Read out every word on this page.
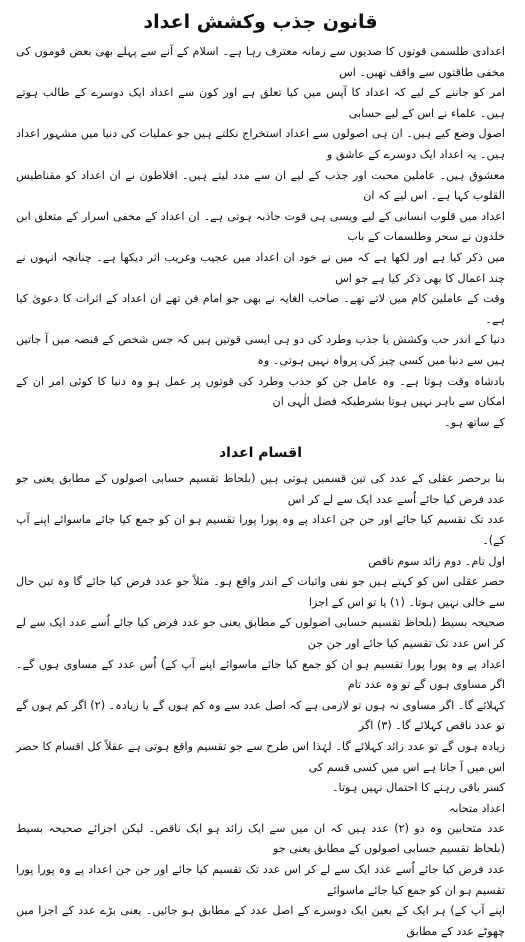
قانون جذب وکشش اعداد

اعدادی طلسمی قوتوں کا صدیوں سے زمانہ معترف رہا ہے۔ اسلام کے آنے سے پہلے بھی بعض قوموں کی مخفی طاقتوں سے واقف تھیں۔ اس
امر کو جاننے کے لیے کہ اعداد کا آپس میں کیا تعلق ہے اور کون سے اعداد ایک دوسرے کے طالب ہوتے ہیں۔ علماء نے اس کے لیے حسابی
اصول وضع کیے ہیں۔ ان ہی اصولوں سے اعداد استخراج نکلتے ہیں جو عملیات کی دنیا میں مشہور اعداد ہیں۔ یہ اعداد ایک دوسرے کے عاشق و
معشوق ہیں۔ عاملین محبت اور جذب کے لیے ان سے مدد لیتے ہیں۔ افلاطون نے ان اعداد کو مقناطیس القلوب کہا ہے۔ اس لیے کہ ان
اعداد میں قلوب انسانی کے لیے ویسی ہی قوت جاذبہ ہوتی ہے۔ ان اعداد کے مخفی اسرار کے متعلق ابن خلدون نے سحر وطلسمات کے باب
میں ذکر کیا ہے اور لکھا ہے کہ میں نے خود ان اعداد میں عجیب وغریب اثر دیکھا ہے۔ چنانچہ انہوں نے چند اعمال کا بھی ذکر کیا ہے جو اس
وقت کے عاملین کام میں لاتے تھے۔ صاحب الغایہ نے بھی جو امام فن تھے ان اعداد کے اثرات کا دعویٰ کیا ہے۔

دنیا کے اندر حب وکشش یا جذب وطرد کی دو ہی ایسی قوتیں ہیں کہ جس شخص کے قبضہ میں آ جاتیں ہیں سے دنیا میں کسی چیز کی پرواہ نہیں ہوتی۔ وہ
بادشاہ وقت ہوتا ہے۔ وہ عامل جن کو جذب وطرد کی قوتوں پر عمل ہو وہ دنیا کا کوئی امر ان کے امکان سے باہر نہیں ہوتا بشرطیکہ فضل الٰہی ان
کے ساتھ ہو۔

اقسام اعداد

بنا برحصر عقلی کے عدد کی تین قسمیں ہوتی ہیں (بلحاظ تقسیم حسابی اصولوں کے مطابق یعنی جو عدد فرض کیا جائے اُسے عدد ایک سے لے کر اس
عدد تک تقسیم کیا جائے اور جن جن اعداد پے وہ پورا پورا تقسیم ہو ان کو جمع کیا جائے ماسوائے اپنے آپ کے)۔

اول تام۔ دوم زائد سوم ناقص

حصر عقلی اس کو کہتے ہیں جو نفی واثبات کے اندر واقع ہو۔ مثلاً جو عدد فرض کیا جائے گا وہ تین حال سے خالی نہیں ہوتا۔ (۱) یا تو اس کے اجزا
صحیحہ بسیط (بلحاظ تقسیم حسابی اصولوں کے مطابق یعنی جو عدد فرض کیا جائے اُسے عدد ایک سے لے کر اس عدد تک تقسیم کیا جائے اور جن جن
اعداد پے وہ پورا پورا تقسیم ہو ان کو جمع کیا جائے ماسوائے اپنے آپ کے) اُس عدد کے مساوی ہوں گے۔ اگر مساوی ہوں گے تو وہ عدد تام
کہلائے گا۔ اگر مساوی نہ ہوں تو لازمی ہے کہ اصل عدد سے وہ کم ہوں گے یا زیادہ۔ (۲) اگر کم ہوں گے تو عدد ناقص کہلائے گا۔ (۳) اگر
زیادہ ہوں گے تو عدد زائد کہلائے گا۔ لہٰذا اس طرح سے جو تقسیم واقع ہوتی ہے عقلاً کل اقسام کا حصر اس میں آ جاتا ہے اس میں کسی قسم کی
کسر باقی رہنے کا احتمال نہیں ہوتا۔

اعداد متحابہ

عدد متحابین وہ دو (۲) عدد ہیں کہ ان میں سے ایک زائد ہو ایک ناقص۔ لیکن اجزائے صحیحہ بسیط (بلحاظ تقسیم حسابی اصولوں کے مطابق یعنی جو
عدد فرض کیا جائے اُسے عدد ایک سے لے کر اس عدد تک تقسیم کیا جائے اور جن جن اعداد پے وہ پورا پورا تقسیم ہو ان کو جمع کیا جائے ماسوائے
اپنے آپ کے) ہر ایک کے بعین ایک دوسرے کے اصل عدد کے مطابق ہو جائیں۔ یعنی بڑے عدد کے اجزا میں چھوٹے عدد کے مطابق
